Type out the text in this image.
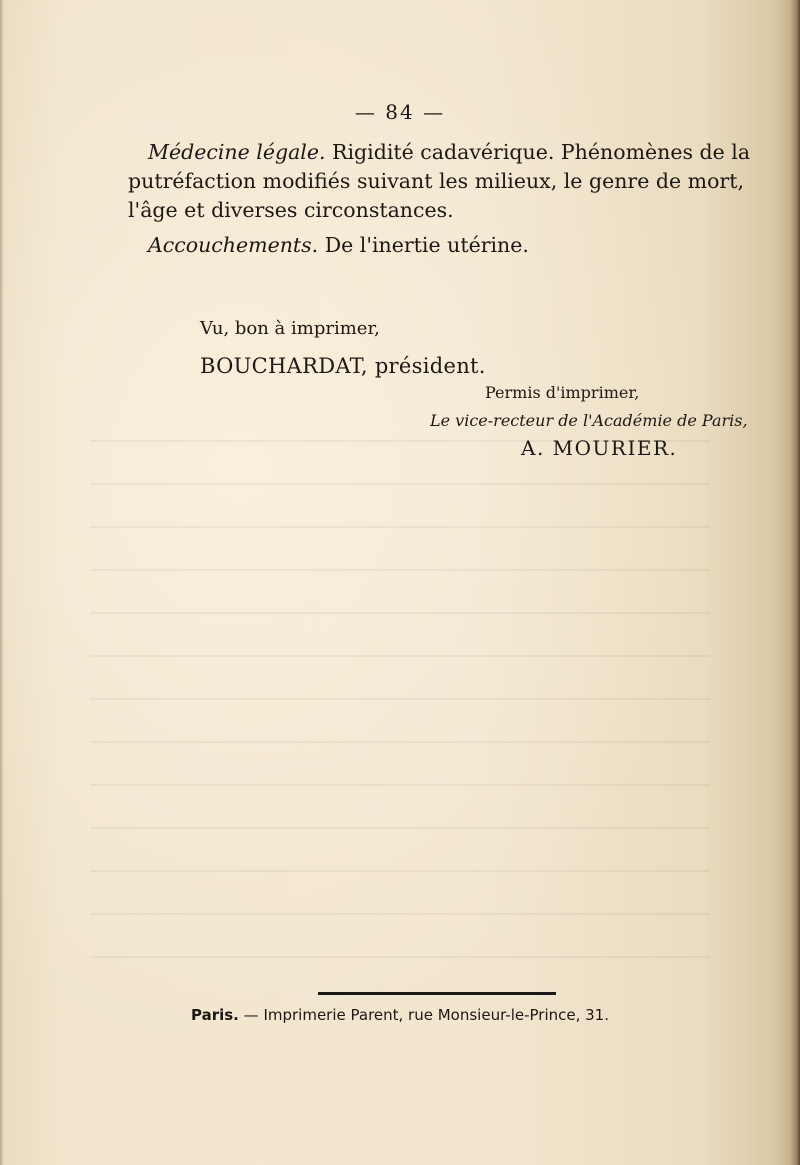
— 84 —
Médecine légale. Rigidité cadavérique. Phénomènes de la putréfaction modifiés suivant les milieux, le genre de mort, l'âge et diverses circonstances.
Accouchements. De l'inertie utérine.
Vu, bon à imprimer,
BOUCHARDAT, président.
Permis d'imprimer,
Le vice-recteur de l'Académie de Paris,
A. MOURIER.
Paris. — Imprimerie Parent, rue Monsieur-le-Prince, 31.
